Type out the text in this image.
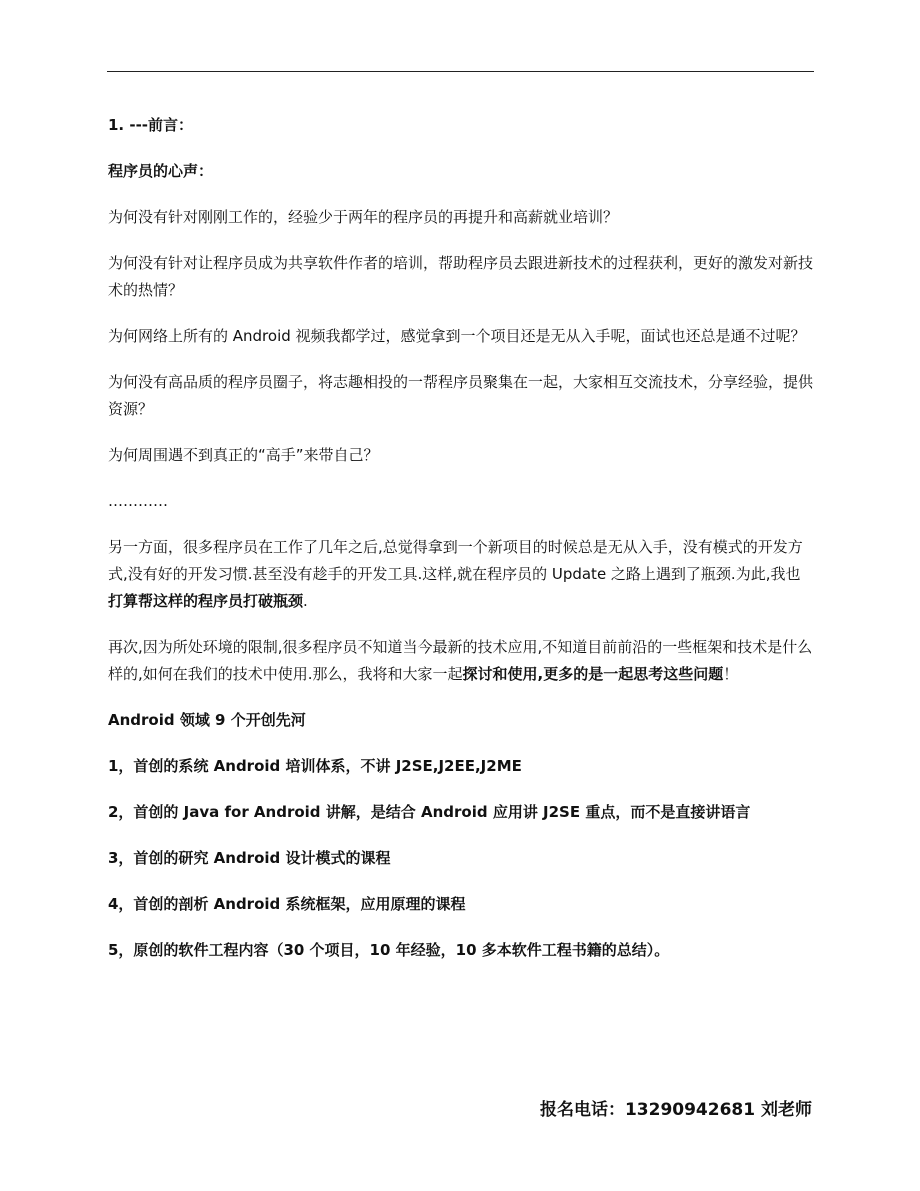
1. ---前言：

程序员的心声：

为何没有针对刚刚工作的，经验少于两年的程序员的再提升和高薪就业培训？

为何没有针对让程序员成为共享软件作者的培训，帮助程序员去跟进新技术的过程获利，更好的激发对新技术的热情？

为何网络上所有的 Android 视频我都学过，感觉拿到一个项目还是无从入手呢，面试也还总是通不过呢？

为何没有高品质的程序员圈子，将志趣相投的一帮程序员聚集在一起，大家相互交流技术，分享经验，提供资源？

为何周围遇不到真正的“高手”来带自己？

…………

另一方面，很多程序员在工作了几年之后,总觉得拿到一个新项目的时候总是无从入手，没有模式的开发方式,没有好的开发习惯.甚至没有趁手的开发工具.这样,就在程序员的 Update 之路上遇到了瓶颈.为此,我也打算帮这样的程序员打破瓶颈.

再次,因为所处环境的限制,很多程序员不知道当今最新的技术应用,不知道目前前沿的一些框架和技术是什么样的,如何在我们的技术中使用.那么，我将和大家一起探讨和使用,更多的是一起思考这些问题！

Android 领域 9 个开创先河

1，首创的系统 Android 培训体系，不讲 J2SE,J2EE,J2ME

2，首创的 Java for Android 讲解，是结合 Android 应用讲 J2SE 重点，而不是直接讲语言

3，首创的研究 Android 设计模式的课程

4，首创的剖析 Android 系统框架，应用原理的课程

5，原创的软件工程内容（30 个项目，10 年经验，10 多本软件工程书籍的总结）。

报名电话：13290942681 刘老师
